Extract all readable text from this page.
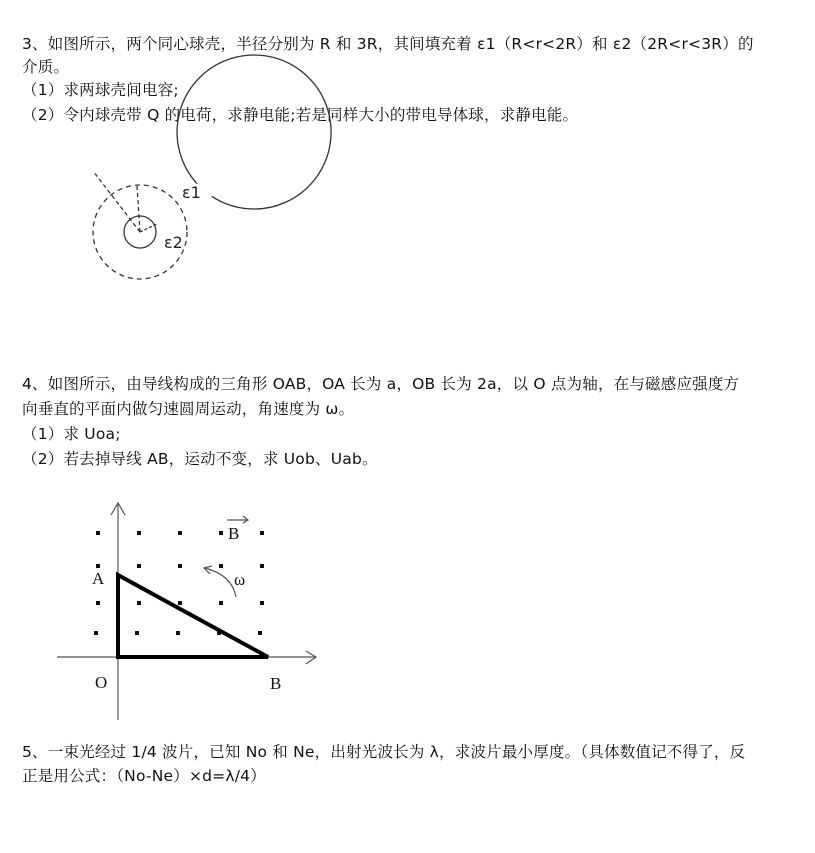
3、如图所示，两个同心球壳，半径分别为 R 和 3R，其间填充着 ε1（R<r<2R）和 ε2（2R<r<3R）的
介质。
（1）求两球壳间电容;
（2）令内球壳带 Q 的电荷，求静电能;若是同样大小的带电导体球，求静电能。
ε1
ε2
A
O	B
B
ω
4、如图所示，由导线构成的三角形 OAB，OA 长为 a，OB 长为 2a，以 O 点为轴，在与磁感应强度方
向垂直的平面内做匀速圆周运动，角速度为 ω。
（1）求 Uoa;
（2）若去掉导线 AB，运动不变，求 Uob、Uab。
5、一束光经过 1/4 波片，已知 No 和 Ne，出射光波长为 λ，求波片最小厚度。（具体数值记不得了，反
正是用公式：（No-Ne）×d=λ/4）
